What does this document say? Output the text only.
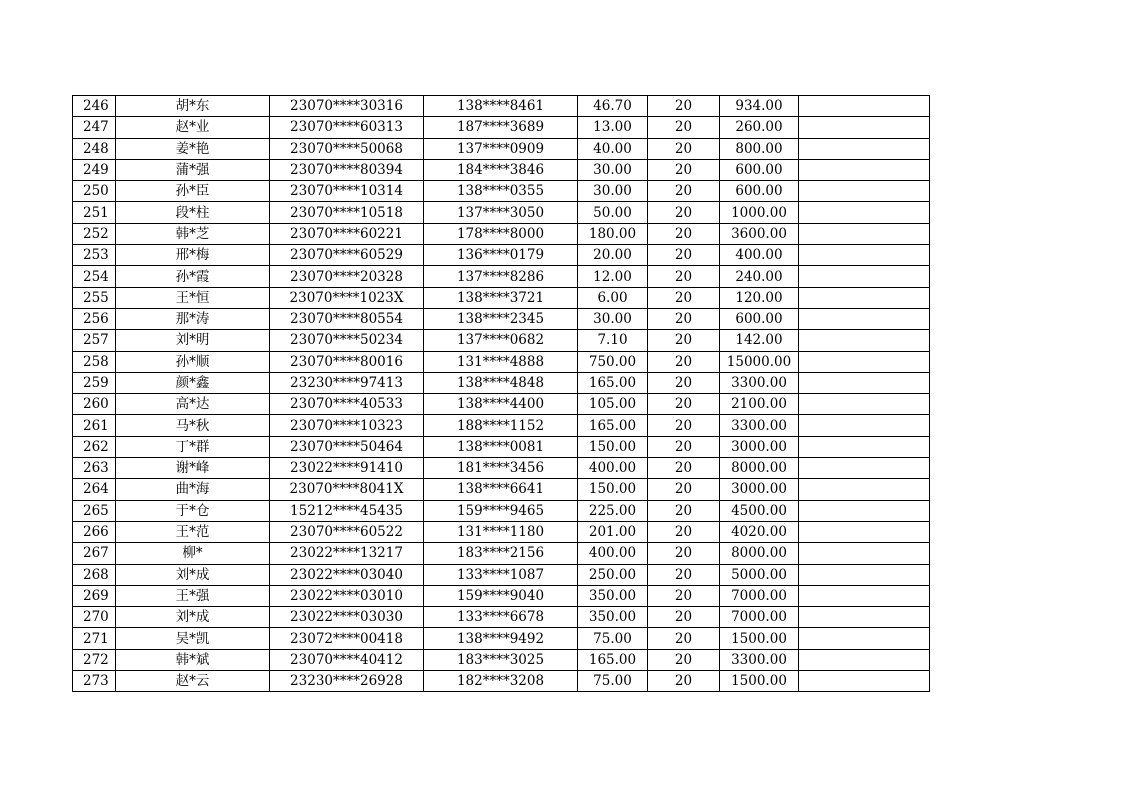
246	胡*东	23070****30316	138****8461	46.70	20	934.00	
247	赵*业	23070****60313	187****3689	13.00	20	260.00	
248	姜*艳	23070****50068	137****0909	40.00	20	800.00	
249	蒲*强	23070****80394	184****3846	30.00	20	600.00	
250	孙*臣	23070****10314	138****0355	30.00	20	600.00	
251	段*柱	23070****10518	137****3050	50.00	20	1000.00	
252	韩*芝	23070****60221	178****8000	180.00	20	3600.00	
253	邢*梅	23070****60529	136****0179	20.00	20	400.00	
254	孙*霞	23070****20328	137****8286	12.00	20	240.00	
255	王*恒	23070****1023X	138****3721	6.00	20	120.00	
256	那*涛	23070****80554	138****2345	30.00	20	600.00	
257	刘*明	23070****50234	137****0682	7.10	20	142.00	
258	孙*顺	23070****80016	131****4888	750.00	20	15000.00	
259	颜*鑫	23230****97413	138****4848	165.00	20	3300.00	
260	高*达	23070****40533	138****4400	105.00	20	2100.00	
261	马*秋	23070****10323	188****1152	165.00	20	3300.00	
262	丁*群	23070****50464	138****0081	150.00	20	3000.00	
263	谢*峰	23022****91410	181****3456	400.00	20	8000.00	
264	曲*海	23070****8041X	138****6641	150.00	20	3000.00	
265	于*仓	15212****45435	159****9465	225.00	20	4500.00	
266	王*范	23070****60522	131****1180	201.00	20	4020.00	
267	柳*	23022****13217	183****2156	400.00	20	8000.00	
268	刘*成	23022****03040	133****1087	250.00	20	5000.00	
269	王*强	23022****03010	159****9040	350.00	20	7000.00	
270	刘*成	23022****03030	133****6678	350.00	20	7000.00	
271	吴*凯	23072****00418	138****9492	75.00	20	1500.00	
272	韩*斌	23070****40412	183****3025	165.00	20	3300.00	
273	赵*云	23230****26928	182****3208	75.00	20	1500.00	
